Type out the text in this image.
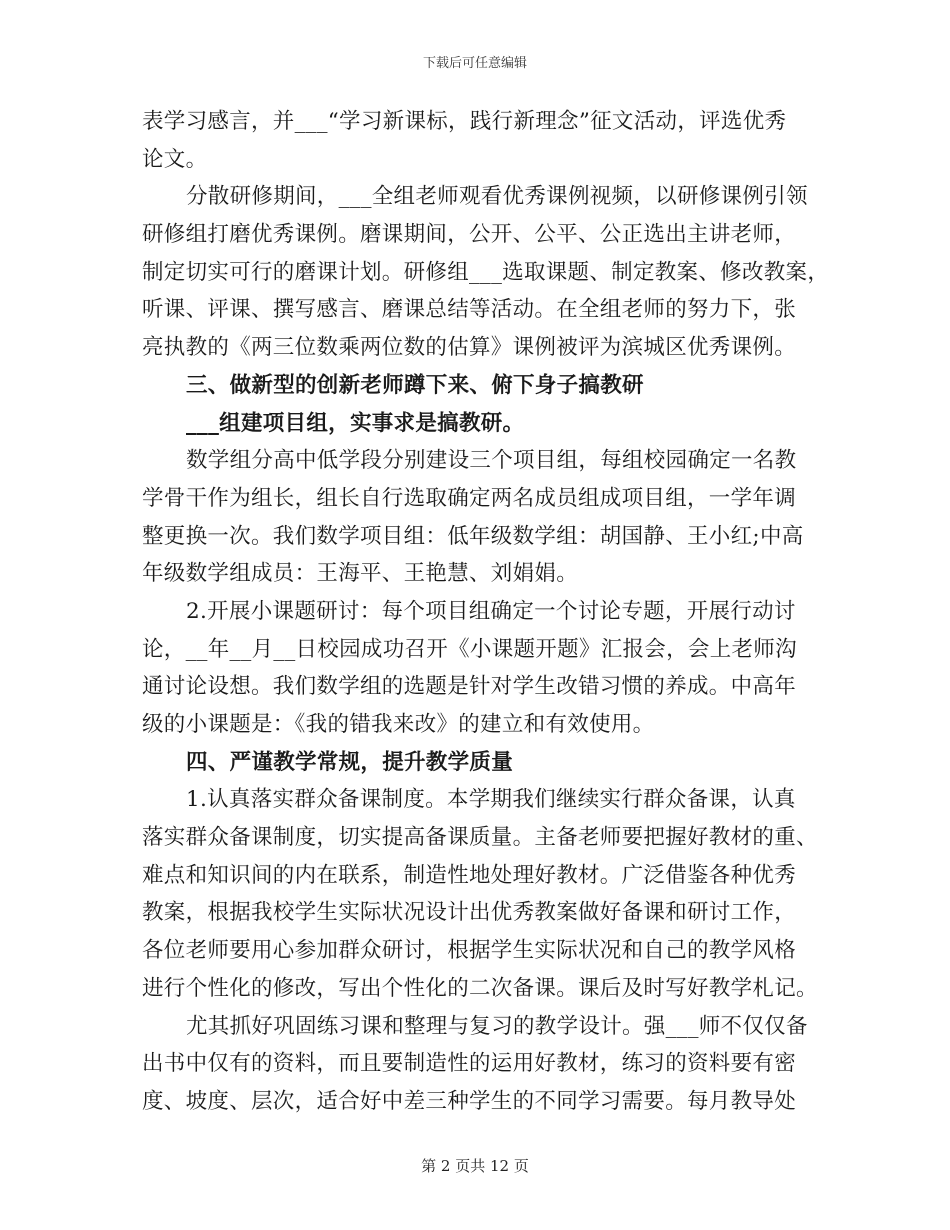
下载后可任意编辑
表学习感言，并___“学习新课标，践行新理念”征文活动，评选优秀
论文。
分散研修期间，___全组老师观看优秀课例视频，以研修课例引领
研修组打磨优秀课例。磨课期间，公开、公平、公正选出主讲老师，
制定切实可行的磨课计划。研修组___选取课题、制定教案、修改教案，
听课、评课、撰写感言、磨课总结等活动。在全组老师的努力下，张
亮执教的《两三位数乘两位数的估算》课例被评为滨城区优秀课例。
三、做新型的创新老师蹲下来、俯下身子搞教研
___组建项目组，实事求是搞教研。
数学组分高中低学段分别建设三个项目组，每组校园确定一名教
学骨干作为组长，组长自行选取确定两名成员组成项目组，一学年调
整更换一次。我们数学项目组：低年级数学组：胡国静、王小红;中高
年级数学组成员：王海平、王艳慧、刘娟娟。
2.开展小课题研讨：每个项目组确定一个讨论专题，开展行动讨
论，__年__月__日校园成功召开《小课题开题》汇报会，会上老师沟
通讨论设想。我们数学组的选题是针对学生改错习惯的养成。中高年
级的小课题是：《我的错我来改》的建立和有效使用。
四、严谨教学常规，提升教学质量
1.认真落实群众备课制度。本学期我们继续实行群众备课，认真
落实群众备课制度，切实提高备课质量。主备老师要把握好教材的重、
难点和知识间的内在联系，制造性地处理好教材。广泛借鉴各种优秀
教案，根据我校学生实际状况设计出优秀教案做好备课和研讨工作，
各位老师要用心参加群众研讨，根据学生实际状况和自己的教学风格
进行个性化的修改，写出个性化的二次备课。课后及时写好教学札记。
尤其抓好巩固练习课和整理与复习的教学设计。强___师不仅仅备
出书中仅有的资料，而且要制造性的运用好教材，练习的资料要有密
度、坡度、层次，适合好中差三种学生的不同学习需要。每月教导处
第 2 页共 12 页
